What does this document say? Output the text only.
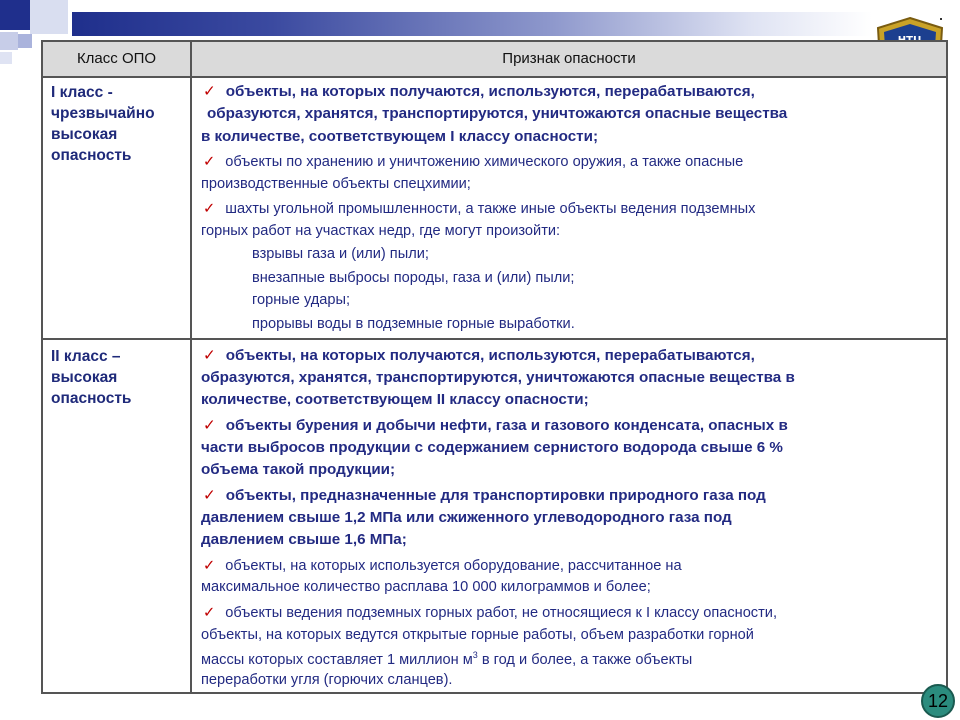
Класс ОПО	Признак опасности
I класс -
чрезвычайно
высокая
опасность
✓ объекты, на которых получаются, используются, перерабатываются,
образуются, хранятся, транспортируются, уничтожаются опасные вещества
в количестве, соответствующем I классу опасности;
✓ объекты по хранению и уничтожению химического оружия, а также опасные
производственные объекты спецхимии;
✓ шахты угольной промышленности, а также иные объекты ведения подземных
горных работ на участках недр, где могут произойти:
взрывы газа и (или) пыли;
внезапные выбросы породы, газа и (или) пыли;
горные удары;
прорывы воды в подземные горные выработки.
II класс –
высокая
опасность
✓ объекты, на которых получаются, используются, перерабатываются,
образуются, хранятся, транспортируются, уничтожаются опасные вещества в
количестве, соответствующем II классу опасности;
✓ объекты бурения и добычи нефти, газа и газового конденсата, опасных в
части выбросов продукции с содержанием сернистого водорода свыше 6 %
объема такой продукции;
✓ объекты, предназначенные для транспортировки природного газа под
давлением свыше 1,2 МПа или сжиженного углеводородного газа под
давлением свыше 1,6 МПа;
✓ объекты, на которых используется оборудование, рассчитанное на
максимальное количество расплава 10 000 килограммов и более;
✓ объекты ведения подземных горных работ, не относящиеся к I классу опасности,
объекты, на которых ведутся открытые горные работы, объем разработки горной
массы которых составляет 1 миллион $м^3$ в год и более, а также объекты
переработки угля (горючих сланцев).
12
